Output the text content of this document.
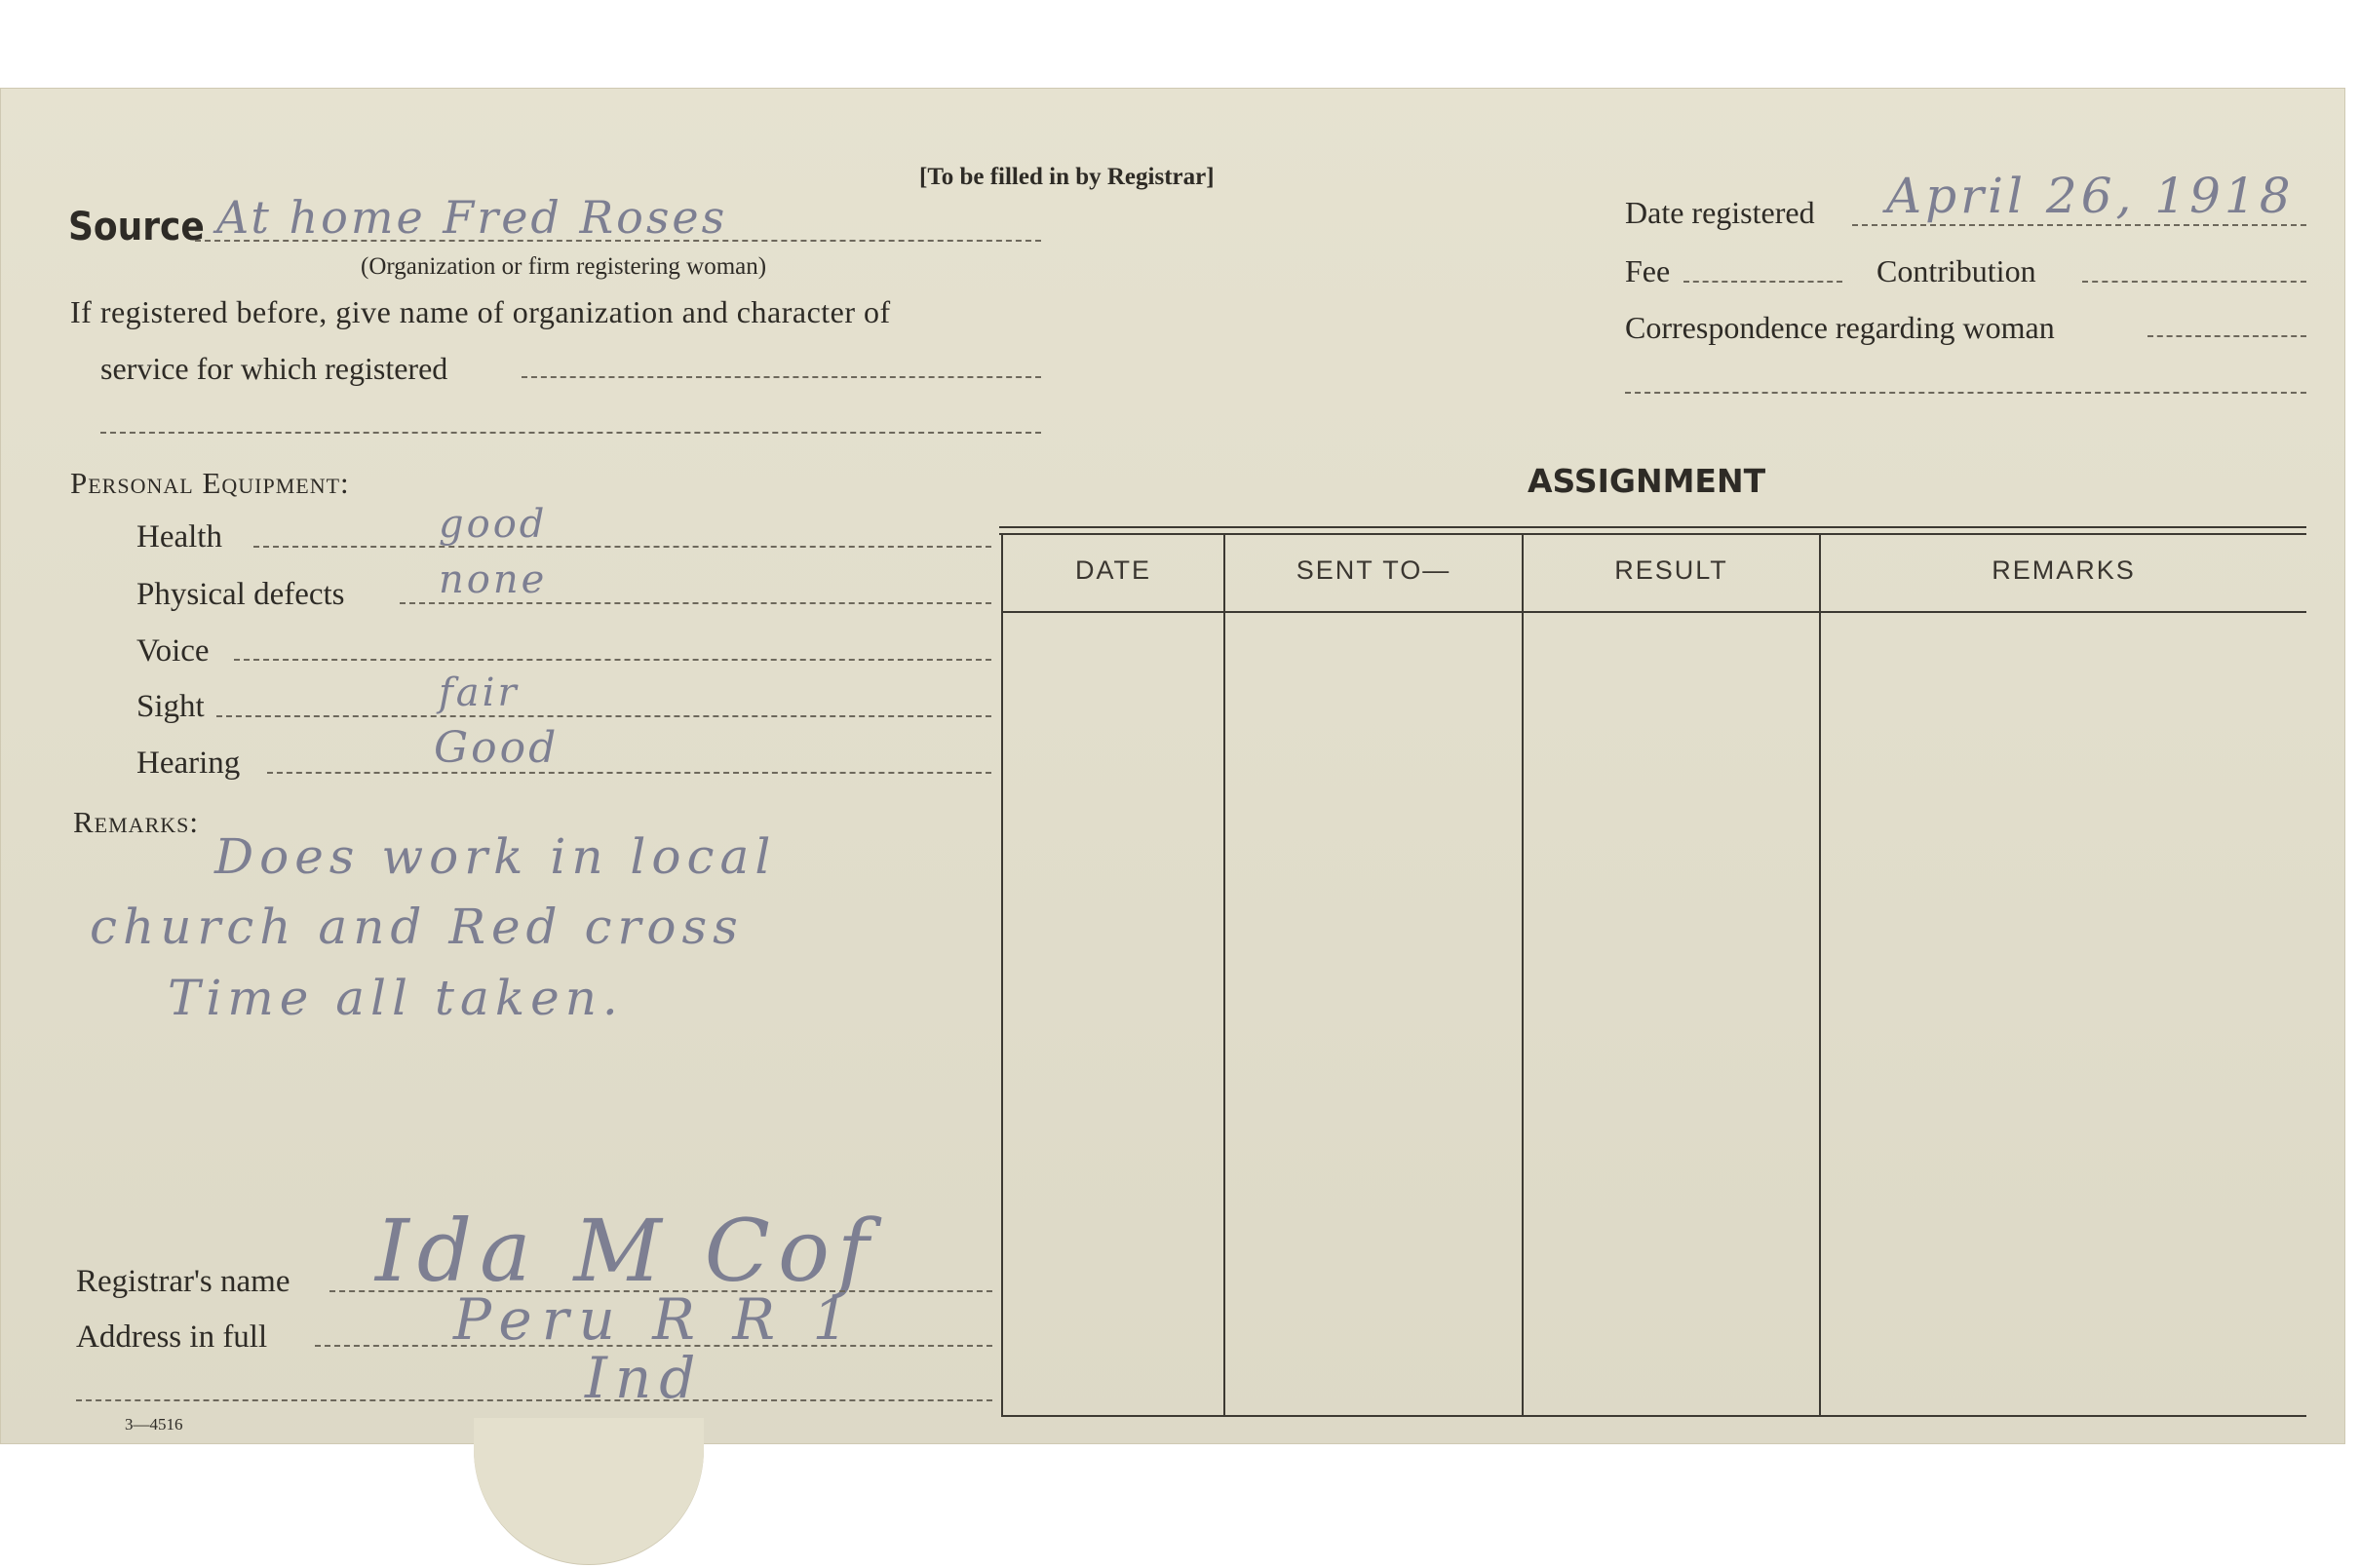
[To be filled in by Registrar]
Source At home Fred Roses
(Organization or firm registering woman)
If registered before, give name of organization and character of
service for which registered
Date registered April 26, 1918
Fee	Contribution
Correspondence regarding woman
Personal Equipment:
Health	good
Physical defects none
Voice
Sight	fair
Hearing	Good
Remarks:
Does work in local
church and Red cross
Time all taken.
Registrar's name Ida M Cof
Address in full	Peru R R 1
Ind
3—4516
ASSIGNMENT
DATE	SENT TO—	RESULT	REMARKS
